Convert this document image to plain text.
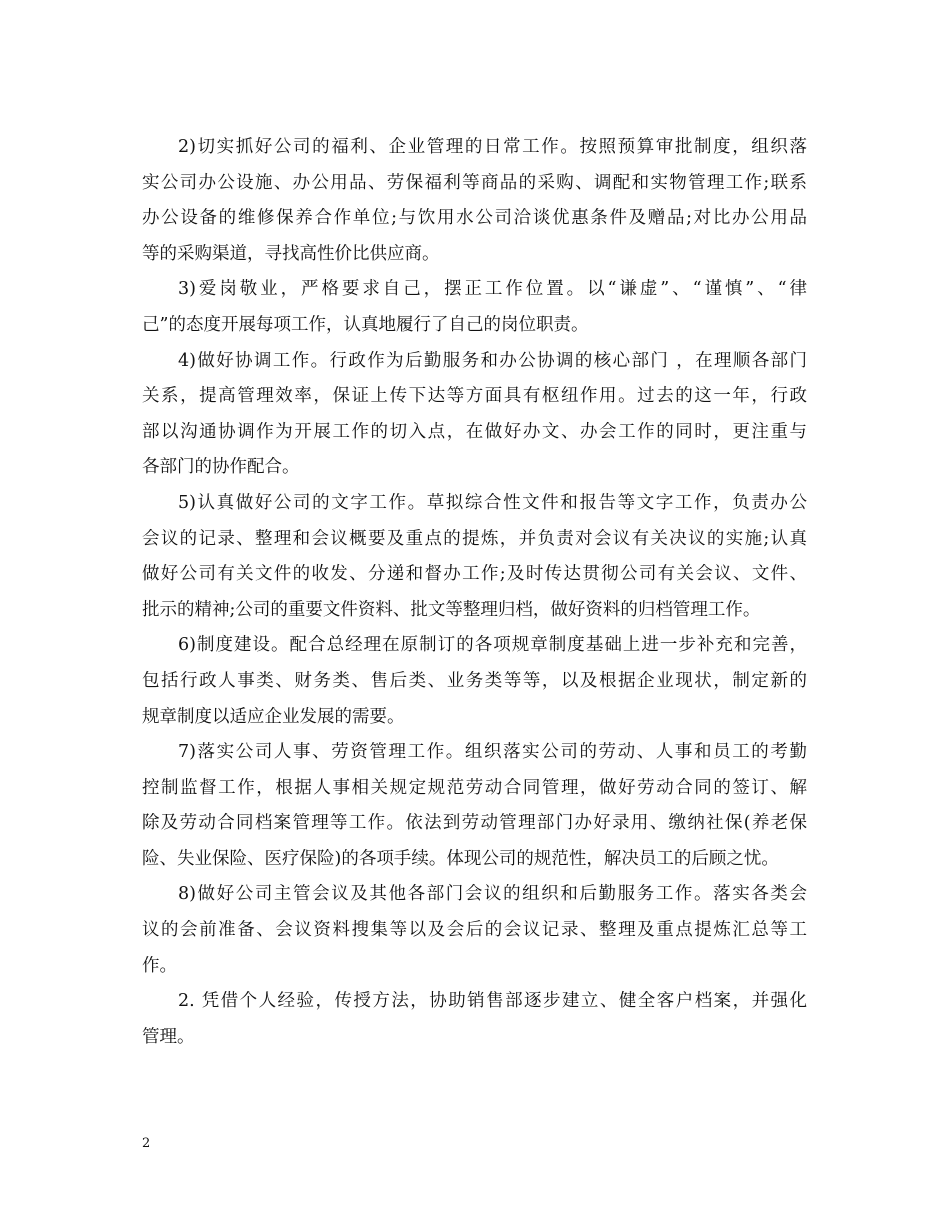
2)切实抓好公司的福利、企业管理的日常工作。按照预算审批制度，组织落
实公司办公设施、办公用品、劳保福利等商品的采购、调配和实物管理工作;联系
办公设备的维修保养合作单位;与饮用水公司洽谈优惠条件及赠品;对比办公用品
等的采购渠道，寻找高性价比供应商。
3)爱岗敬业，严格要求自己，摆正工作位置。以“谦虚”、“谨慎”、“律
己”的态度开展每项工作，认真地履行了自己的岗位职责。
4)做好协调工作。行政作为后勤服务和办公协调的核心部门 ，在理顺各部门
关系，提高管理效率，保证上传下达等方面具有枢纽作用。过去的这一年，行政
部以沟通协调作为开展工作的切入点，在做好办文、办会工作的同时，更注重与
各部门的协作配合。
5)认真做好公司的文字工作。草拟综合性文件和报告等文字工作，负责办公
会议的记录、整理和会议概要及重点的提炼，并负责对会议有关决议的实施;认真
做好公司有关文件的收发、分递和督办工作;及时传达贯彻公司有关会议、文件、
批示的精神;公司的重要文件资料、批文等整理归档，做好资料的归档管理工作。
6)制度建设。配合总经理在原制订的各项规章制度基础上进一步补充和完善，
包括行政人事类、财务类、售后类、业务类等等，以及根据企业现状，制定新的
规章制度以适应企业发展的需要。
7)落实公司人事、劳资管理工作。组织落实公司的劳动、人事和员工的考勤
控制监督工作，根据人事相关规定规范劳动合同管理，做好劳动合同的签订、解
除及劳动合同档案管理等工作。依法到劳动管理部门办好录用、缴纳社保(养老保
险、失业保险、医疗保险)的各项手续。体现公司的规范性，解决员工的后顾之忧。
8)做好公司主管会议及其他各部门会议的组织和后勤服务工作。落实各类会
议的会前准备、会议资料搜集等以及会后的会议记录、整理及重点提炼汇总等工
作。
2. 凭借个人经验，传授方法，协助销售部逐步建立、健全客户档案，并强化
管理。
2
